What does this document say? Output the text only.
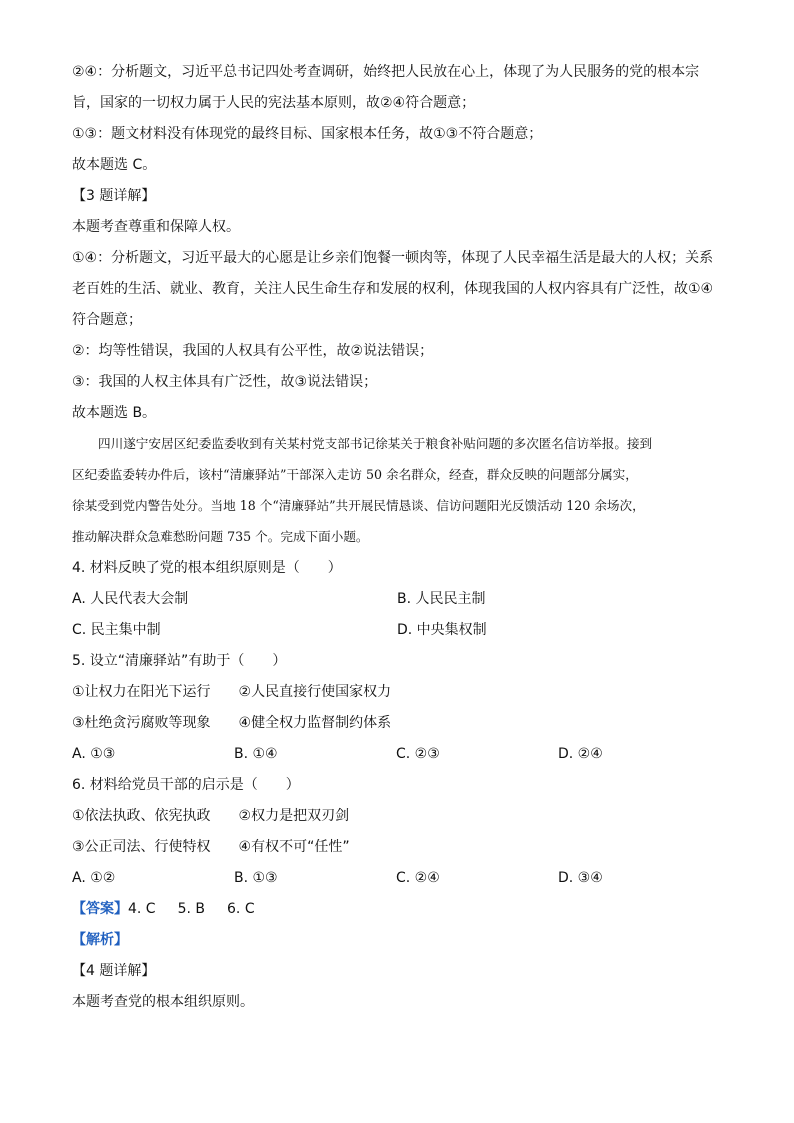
②④：分析题文，习近平总书记四处考查调研，始终把人民放在心上，体现了为人民服务的党的根本宗
旨，国家的一切权力属于人民的宪法基本原则，故②④符合题意；
①③：题文材料没有体现党的最终目标、国家根本任务，故①③不符合题意；
故本题选 C。
【3 题详解】
本题考查尊重和保障人权。
①④：分析题文，习近平最大的心愿是让乡亲们饱餐一顿肉等，体现了人民幸福生活是最大的人权；关系
老百姓的生活、就业、教育，关注人民生命生存和发展的权利，体现我国的人权内容具有广泛性，故①④
符合题意；
②：均等性错误，我国的人权具有公平性，故②说法错误；
③：我国的人权主体具有广泛性，故③说法错误；
故本题选 B。
四川遂宁安居区纪委监委收到有关某村党支部书记徐某关于粮食补贴问题的多次匿名信访举报。接到
区纪委监委转办件后，该村“清廉驿站”干部深入走访 50 余名群众，经查，群众反映的问题部分属实，
徐某受到党内警告处分。当地 18 个“清廉驿站”共开展民情恳谈、信访问题阳光反馈活动 120 余场次，
推动解决群众急难愁盼问题 735 个。完成下面小题。
4. 材料反映了党的根本组织原则是（　　）
A. 人民代表大会制	B. 人民民主制
C. 民主集中制	D. 中央集权制
5. 设立“清廉驿站”有助于（　　）
①让权力在阳光下运行　　②人民直接行使国家权力
③杜绝贪污腐败等现象　　④健全权力监督制约体系
A. ①③	B. ①④	C. ②③	D. ②④
6. 材料给党员干部的启示是（　　）
①依法执政、依宪执政　　②权力是把双刃剑
③公正司法、行使特权　　④有权不可“任性”
A. ①②	B. ①③	C. ②④	D. ③④
【答案】4. C 5. B 6. C
【解析】
【4 题详解】
本题考查党的根本组织原则。
